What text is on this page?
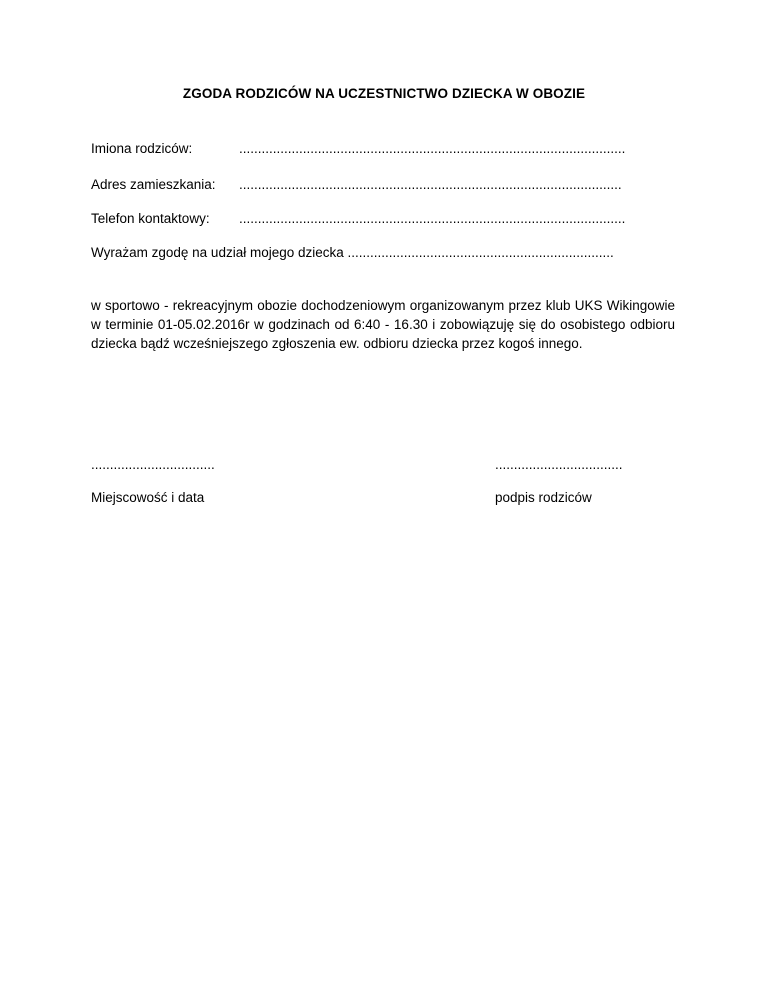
ZGODA RODZICÓW NA UCZESTNICTWO DZIECKA W OBOZIE
Imiona rodziców:	.......................................................................................................
Adres zamieszkania: ......................................................................................................
Telefon kontaktowy: .......................................................................................................
Wyrażam zgodę na udział mojego dziecka .......................................................................

w sportowo - rekreacyjnym obozie dochodzeniowym organizowanym przez klub UKS Wikingowie w terminie 01-05.02.2016r w godzinach od 6:40 - 16.30 i zobowiązuję się do osobistego odbioru dziecka bądź wcześniejszego zgłoszenia ew. odbioru dziecka przez kogoś innego.

.................................	..................................
Miejscowość i data	podpis rodziców
